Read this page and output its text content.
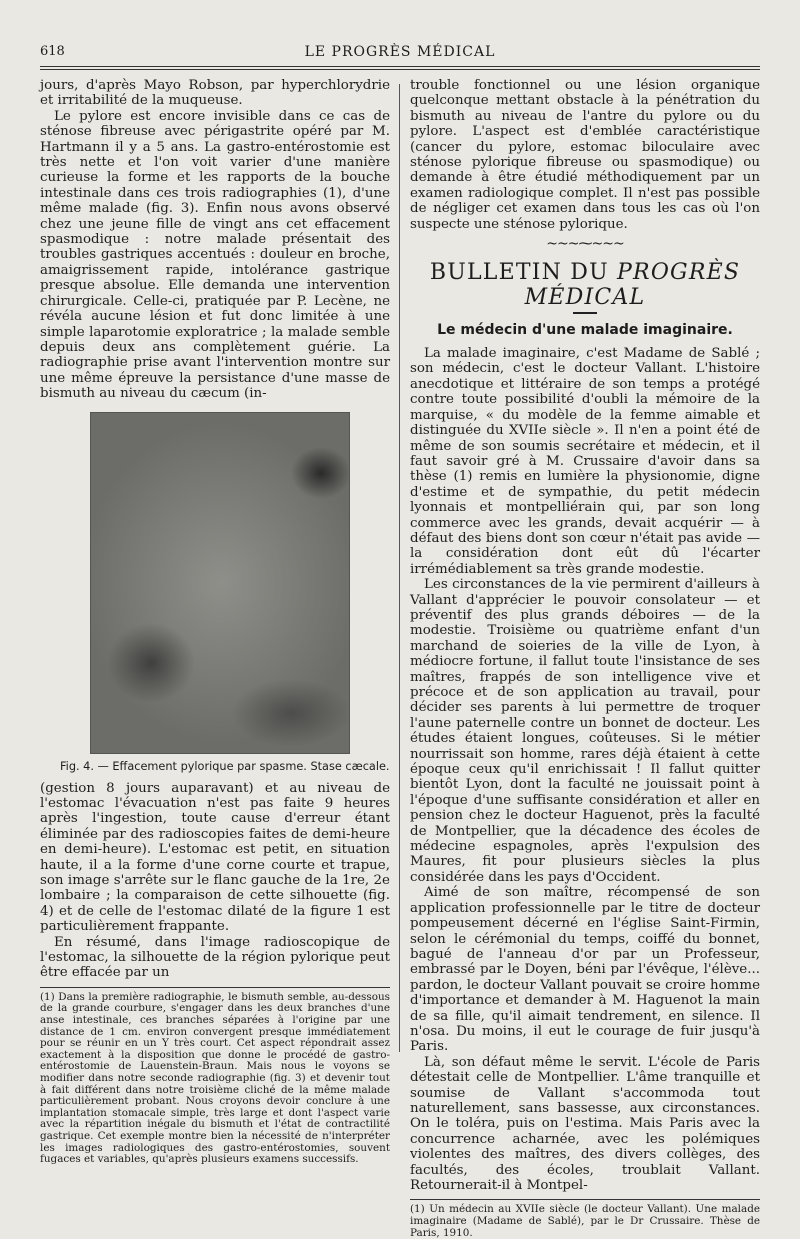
618	LE PROGRÈS MÉDICAL

jours, d'après Mayo Robson, par hyperchlorydrie et irritabilité de la muqueuse.

Le pylore est encore invisible dans ce cas de sténose fibreuse avec périgastrite opéré par M. Hartmann il y a 5 ans. La gastro-entérostomie est très nette et l'on voit varier d'une manière curieuse la forme et les rapports de la bouche intestinale dans ces trois radiographies (1), d'une même malade (fig. 3). Enfin nous avons observé chez une jeune fille de vingt ans cet effacement spasmodique : notre malade présentait des troubles gastriques accentués : douleur en broche, amaigrissement rapide, intolérance gastrique presque absolue. Elle demanda une intervention chirurgicale. Celle-ci, pratiquée par P. Lecène, ne révéla aucune lésion et fut donc limitée à une simple laparotomie exploratrice ; la malade semble depuis deux ans complètement guérie. La radiographie prise avant l'intervention montre sur une même épreuve la persistance d'une masse de bismuth au niveau du cæcum (in-

Fig. 4. — Effacement pylorique par spasme. Stase cæcale.

(gestion 8 jours auparavant) et au niveau de l'estomac l'évacuation n'est pas faite 9 heures après l'ingestion, toute cause d'erreur étant éliminée par des radioscopies faites de demi-heure en demi-heure). L'estomac est petit, en situation haute, il a la forme d'une corne courte et trapue, son image s'arrête sur le flanc gauche de la 1re, 2e lombaire ; la comparaison de cette silhouette (fig. 4) et de celle de l'estomac dilaté de la figure 1 est particulièrement frappante.

En résumé, dans l'image radioscopique de l'estomac, la silhouette de la région pylorique peut être effacée par un

(1) Dans la première radiographie, le bismuth semble, au-dessous de la grande courbure, s'engager dans les deux branches d'une anse intestinale, ces branches séparées à l'origine par une distance de 1 cm. environ convergent presque immédiatement pour se réunir en un Y très court. Cet aspect répondrait assez exactement à la disposition que donne le procédé de gastro-entérostomie de Lauenstein-Braun. Mais nous le voyons se modifier dans notre seconde radiographie (fig. 3) et devenir tout à fait différent dans notre troisième cliché de la même malade particulièrement probant. Nous croyons devoir conclure à une implantation stomacale simple, très large et dont l'aspect varie avec la répartition inégale du bismuth et l'état de contractilité gastrique. Cet exemple montre bien la nécessité de n'interpréter les images radiologiques des gastro-entérostomies, souvent fugaces et variables, qu'après plusieurs examens successifs.

trouble fonctionnel ou une lésion organique quelconque mettant obstacle à la pénétration du bismuth au niveau de l'antre du pylore ou du pylore. L'aspect est d'emblée caractéristique (cancer du pylore, estomac biloculaire avec sténose pylorique fibreuse ou spasmodique) ou demande à être étudié méthodiquement par un examen radiologique complet. Il n'est pas possible de négliger cet examen dans tous les cas où l'on suspecte une sténose pylorique.

~~~⁓~~~
BULLETIN DU PROGRÈS MÉDICAL
Le médecin d'une malade imaginaire.

La malade imaginaire, c'est Madame de Sablé ; son médecin, c'est le docteur Vallant. L'histoire anecdotique et littéraire de son temps a protégé contre toute possibilité d'oubli la mémoire de la marquise, « du modèle de la femme aimable et distinguée du XVIIe siècle ». Il n'en a point été de même de son soumis secrétaire et médecin, et il faut savoir gré à M. Crussaire d'avoir dans sa thèse (1) remis en lumière la physionomie, digne d'estime et de sympathie, du petit médecin lyonnais et montpelliérain qui, par son long commerce avec les grands, devait acquérir — à défaut des biens dont son cœur n'était pas avide — la considération dont eût dû l'écarter irrémédiablement sa très grande modestie.

Les circonstances de la vie permirent d'ailleurs à Vallant d'apprécier le pouvoir consolateur — et préventif des plus grands déboires — de la modestie. Troisième ou quatrième enfant d'un marchand de soieries de la ville de Lyon, à médiocre fortune, il fallut toute l'insistance de ses maîtres, frappés de son intelligence vive et précoce et de son application au travail, pour décider ses parents à lui permettre de troquer l'aune paternelle contre un bonnet de docteur. Les études étaient longues, coûteuses. Si le métier nourrissait son homme, rares déjà étaient à cette époque ceux qu'il enrichissait ! Il fallut quitter bientôt Lyon, dont la faculté ne jouissait point à l'époque d'une suffisante considération et aller en pension chez le docteur Haguenot, près la faculté de Montpellier, que la décadence des écoles de médecine espagnoles, après l'expulsion des Maures, fit pour plusieurs siècles la plus considérée dans les pays d'Occident.

Aimé de son maître, récompensé de son application professionnelle par le titre de docteur pompeusement décerné en l'église Saint-Firmin, selon le cérémonial du temps, coiffé du bonnet, bagué de l'anneau d'or par un Professeur, embrassé par le Doyen, béni par l'évêque, l'élève... pardon, le docteur Vallant pouvait se croire homme d'importance et demander à M. Haguenot la main de sa fille, qu'il aimait tendrement, en silence. Il n'osa. Du moins, il eut le courage de fuir jusqu'à Paris.

Là, son défaut même le servit. L'école de Paris détestait celle de Montpellier. L'âme tranquille et soumise de Vallant s'accommoda tout naturellement, sans bassesse, aux circonstances. On le toléra, puis on l'estima. Mais Paris avec la concurrence acharnée, avec les polémiques violentes des maîtres, des divers collèges, des facultés, des écoles, troublait Vallant. Retournerait-il à Montpel-

(1) Un médecin au XVIIe siècle (le docteur Vallant). Une malade imaginaire (Madame de Sablé), par le Dr Crussaire. Thèse de Paris, 1910.
